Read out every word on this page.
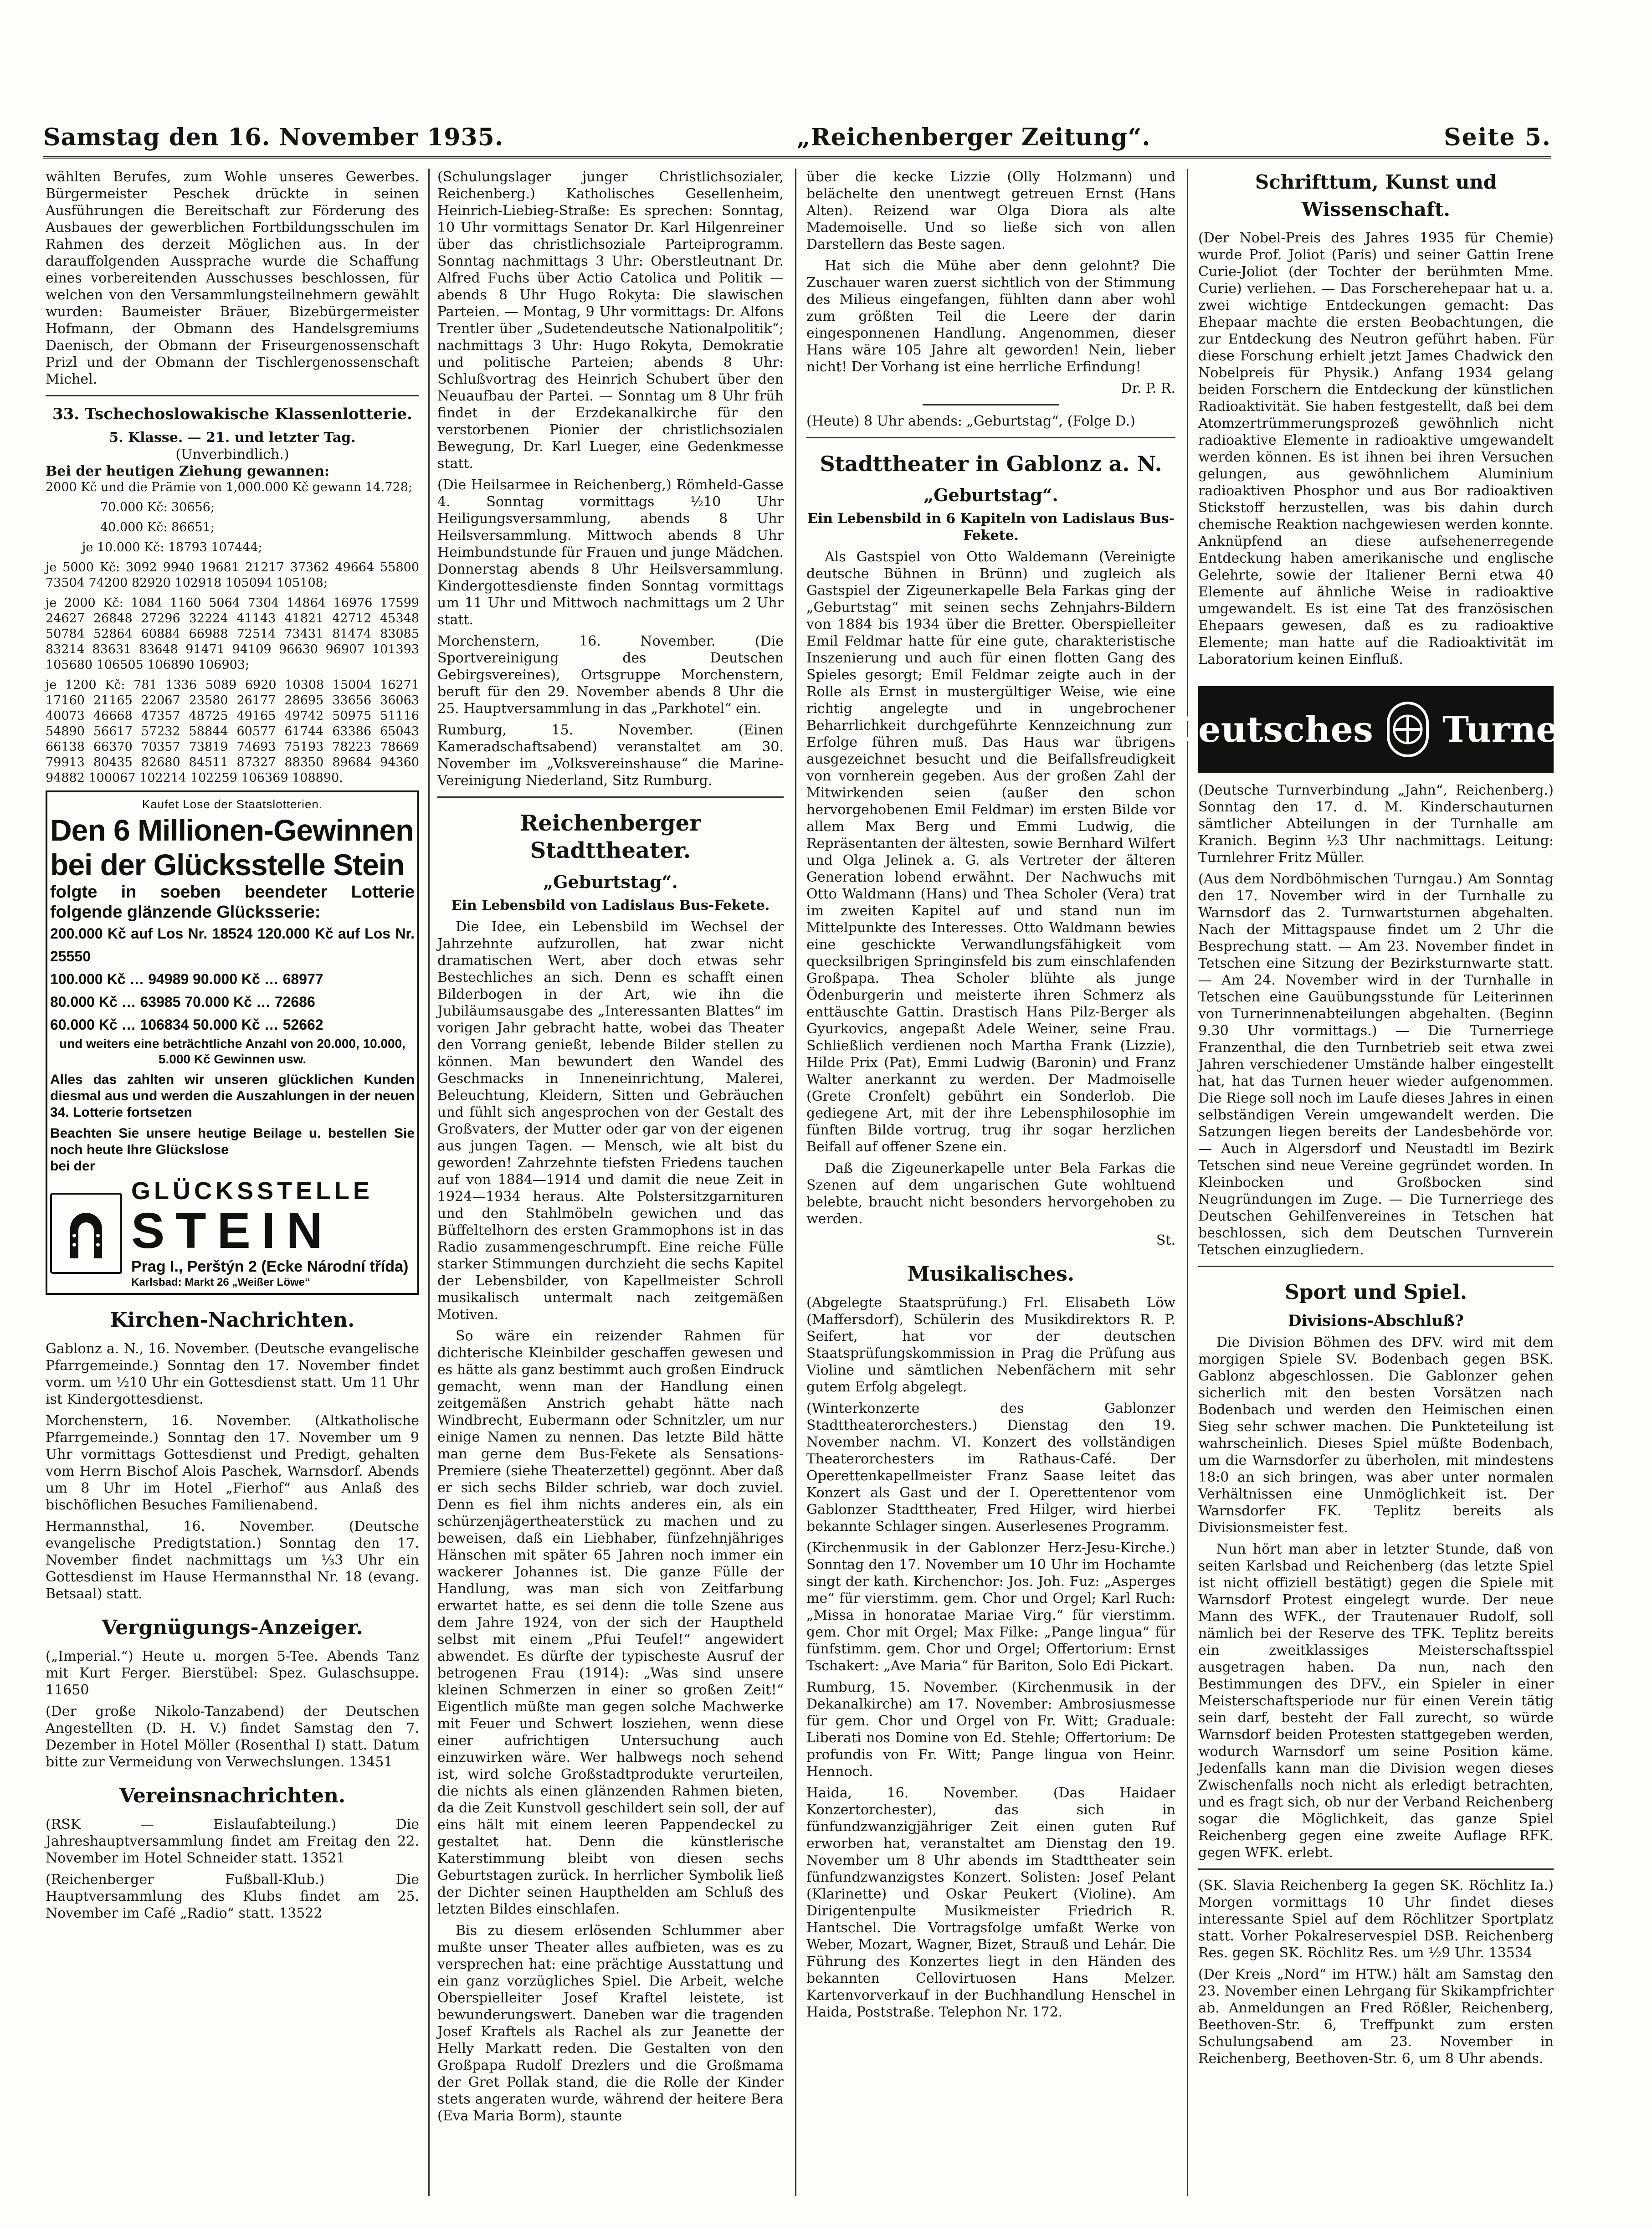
Samstag den 16. November 1935.	„Reichenberger Zeitung“.	Seite 5.

wählten Berufes, zum Wohle unseres Gewerbes. Bürgermeister Peschek drückte in seinen Ausführungen die Bereitschaft zur Förderung des Ausbaues der gewerblichen Fortbildungsschulen im Rahmen des derzeit Möglichen aus. In der darauffolgenden Aussprache wurde die Schaffung eines vorbereitenden Ausschusses beschlossen, für welchen von den Versammlungsteilnehmern gewählt wurden: Baumeister Bräuer, Bizebürgermeister Hofmann, der Obmann des Handelsgremiums Daenisch, der Obmann der Friseurgenossenschaft Prizl und der Obmann der Tischlergenossenschaft Michel.

33. Tschechoslowakische Klassenlotterie.
5. Klasse. — 21. und letzter Tag.
(Unverbindlich.)
Bei der heutigen Ziehung gewannen:

2000 Kč und die Prämie von 1,000.000 Kč gewann 14.728;

70.000 Kč: 30656;

40.000 Kč: 86651;

je 10.000 Kč: 18793 107444;

je 5000 Kč: 3092 9940 19681 21217 37362 49664 55800 73504 74200 82920 102918 105094 105108;

je 2000 Kč: 1084 1160 5064 7304 14864 16976 17599 24627 26848 27296 32224 41143 41821 42712 45348 50784 52864 60884 66988 72514 73431 81474 83085 83214 83631 83648 91471 94109 96630 96907 101393 105680 106505 106890 106903;

je 1200 Kč: 781 1336 5089 6920 10308 15004 16271 17160 21165 22067 23580 26177 28695 33656 36063 40073 46668 47357 48725 49165 49742 50975 51116 54890 56617 57232 58844 60577 61744 63386 65043 66138 66370 70357 73819 74693 75193 78223 78669 79913 80435 82680 84511 87327 88350 89684 94360 94882 100067 102214 102259 106369 108890.

Kaufet Lose der Staatslotterien.
Den 6 Millionen-Gewinnen
bei der Glücksstelle Stein
folgte in soeben beendeter Lotterie folgende glänzende Glücksserie:
200.000 Kč auf Los Nr. 18524 120.000 Kč auf Los Nr. 25550
100.000 Kč … 94989 90.000 Kč … 68977
80.000 Kč … 63985 70.000 Kč … 72686
60.000 Kč … 106834 50.000 Kč … 52662
und weiters eine beträchtliche Anzahl von 20.000, 10.000, 5.000 Kč Gewinnen usw.
Alles das zahlten wir unseren glücklichen Kunden diesmal aus und werden die Auszahlungen in der neuen 34. Lotterie fortsetzen
Beachten Sie unsere heutige Beilage u. bestellen Sie noch heute Ihre Glückslose
bei der
GLÜCKSSTELLE
STEIN
Prag I., Perštýn 2 (Ecke Národní třída)
Karlsbad: Markt 26 „Weißer Löwe“
Kirchen-Nachrichten.

Gablonz a. N., 16. November. (Deutsche evangelische Pfarrgemeinde.) Sonntag den 17. November findet vorm. um ½10 Uhr ein Gottesdienst statt. Um 11 Uhr ist Kindergottesdienst.

Morchenstern, 16. November. (Altkatholische Pfarrgemeinde.) Sonntag den 17. November um 9 Uhr vormittags Gottesdienst und Predigt, gehalten vom Herrn Bischof Alois Paschek, Warnsdorf. Abends um 8 Uhr im Hotel „Fierhof“ aus Anlaß des bischöflichen Besuches Familienabend.

Hermannsthal, 16. November. (Deutsche evangelische Predigtstation.) Sonntag den 17. November findet nachmittags um ⅓3 Uhr ein Gottesdienst im Hause Hermannsthal Nr. 18 (evang. Betsaal) statt.

Vergnügungs-Anzeiger.

(„Imperial.“) Heute u. morgen 5-Tee. Abends Tanz mit Kurt Ferger. Bierstübel: Spez. Gulaschsuppe. 11650

(Der große Nikolo-Tanzabend) der Deutschen Angestellten (D. H. V.) findet Samstag den 7. Dezember in Hotel Möller (Rosenthal I) statt. Datum bitte zur Vermeidung von Verwechslungen. 13451

Vereinsnachrichten.

(RSK — Eislaufabteilung.) Die Jahreshauptversammlung findet am Freitag den 22. November im Hotel Schneider statt. 13521

(Reichenberger Fußball-Klub.) Die Hauptversammlung des Klubs findet am 25. November im Café „Radio“ statt. 13522

(Schulungslager junger Christlichsozialer, Reichenberg.) Katholisches Gesellenheim, Heinrich-Liebieg-Straße: Es sprechen: Sonntag, 10 Uhr vormittags Senator Dr. Karl Hilgenreiner über das christlichsoziale Parteiprogramm. Sonntag nachmittags 3 Uhr: Oberstleutnant Dr. Alfred Fuchs über Actio Catolica und Politik — abends 8 Uhr Hugo Rokyta: Die slawischen Parteien. — Montag, 9 Uhr vormittags: Dr. Alfons Trentler über „Sudetendeutsche Nationalpolitik“; nachmittags 3 Uhr: Hugo Rokyta, Demokratie und politische Parteien; abends 8 Uhr: Schlußvortrag des Heinrich Schubert über den Neuaufbau der Partei. — Sonntag um 8 Uhr früh findet in der Erzdekanalkirche für den verstorbenen Pionier der christlichsozialen Bewegung, Dr. Karl Lueger, eine Gedenkmesse statt.

(Die Heilsarmee in Reichenberg,) Römheld-Gasse 4. Sonntag vormittags ½10 Uhr Heiligungsversammlung, abends 8 Uhr Heilsversammlung. Mittwoch abends 8 Uhr Heimbundstunde für Frauen und junge Mädchen. Donnerstag abends 8 Uhr Heilsversammlung. Kindergottesdienste finden Sonntag vormittags um 11 Uhr und Mittwoch nachmittags um 2 Uhr statt.

Morchenstern, 16. November. (Die Sportvereinigung des Deutschen Gebirgsvereines), Ortsgruppe Morchenstern, beruft für den 29. November abends 8 Uhr die 25. Hauptversammlung in das „Parkhotel“ ein.

Rumburg, 15. November. (Einen Kameradschaftsabend) veranstaltet am 30. November im „Volksvereinshause“ die Marine-Vereinigung Niederland, Sitz Rumburg.

Reichenberger Stadttheater.
„Geburtstag“.
Ein Lebensbild von Ladislaus Bus-Fekete.

Die Idee, ein Lebensbild im Wechsel der Jahrzehnte aufzurollen, hat zwar nicht dramatischen Wert, aber doch etwas sehr Bestechliches an sich. Denn es schafft einen Bilderbogen in der Art, wie ihn die Jubiläumsausgabe des „Interessanten Blattes“ im vorigen Jahr gebracht hatte, wobei das Theater den Vorrang genießt, lebende Bilder stellen zu können. Man bewundert den Wandel des Geschmacks in Inneneinrichtung, Malerei, Beleuchtung, Kleidern, Sitten und Gebräuchen und fühlt sich angesprochen von der Gestalt des Großvaters, der Mutter oder gar von der eigenen aus jungen Tagen. — Mensch, wie alt bist du geworden! Zahrzehnte tiefsten Friedens tauchen auf von 1884—1914 und damit die neue Zeit in 1924—1934 heraus. Alte Polstersitzgarnituren und den Stahlmöbeln gewichen und das Büffeltelhorn des ersten Grammophons ist in das Radio zusammengeschrumpft. Eine reiche Fülle starker Stimmungen durchzieht die sechs Kapitel der Lebensbilder, von Kapellmeister Schroll musikalisch untermalt nach zeitgemäßen Motiven.

So wäre ein reizender Rahmen für dichterische Kleinbilder geschaffen gewesen und es hätte als ganz bestimmt auch großen Eindruck gemacht, wenn man der Handlung einen zeitgemäßen Anstrich gehabt hätte nach Windbrecht, Eubermann oder Schnitzler, um nur einige Namen zu nennen. Das letzte Bild hätte man gerne dem Bus-Fekete als Sensations-Premiere (siehe Theaterzettel) gegönnt. Aber daß er sich sechs Bilder schrieb, war doch zuviel. Denn es fiel ihm nichts anderes ein, als ein schürzenjägertheaterstück zu machen und zu beweisen, daß ein Liebhaber, fünfzehnjähriges Hänschen mit später 65 Jahren noch immer ein wackerer Johannes ist. Die ganze Fülle der Handlung, was man sich von Zeitfarbung erwartet hatte, es sei denn die tolle Szene aus dem Jahre 1924, von der sich der Hauptheld selbst mit einem „Pfui Teufel!“ angewidert abwendet. Es dürfte der typischeste Ausruf der betrogenen Frau (1914): „Was sind unsere kleinen Schmerzen in einer so großen Zeit!“ Eigentlich müßte man gegen solche Machwerke mit Feuer und Schwert losziehen, wenn diese einer aufrichtigen Untersuchung auch einzuwirken wäre. Wer halbwegs noch sehend ist, wird solche Großstadtprodukte verurteilen, die nichts als einen glänzenden Rahmen bieten, da die Zeit Kunstvoll geschildert sein soll, der auf eins hält mit einem leeren Pappendeckel zu gestaltet hat. Denn die künstlerische Katerstimmung bleibt von diesen sechs Geburtstagen zurück. In herrlicher Symbolik ließ der Dichter seinen Haupthelden am Schluß des letzten Bildes einschlafen.

Bis zu diesem erlösenden Schlummer aber mußte unser Theater alles aufbieten, was es zu versprechen hat: eine prächtige Ausstattung und ein ganz vorzügliches Spiel. Die Arbeit, welche Oberspielleiter Josef Kraftel leistete, ist bewunderungswert. Daneben war die tragenden Josef Kraftels als Rachel als zur Jeanette der Helly Markatt reden. Die Gestalten von den Großpapa Rudolf Drezlers und die Großmama der Gret Pollak stand, die die Rolle der Kinder stets angeraten wurde, während der heitere Bera (Eva Maria Borm), staunte

über die kecke Lizzie (Olly Holzmann) und belächelte den unentwegt getreuen Ernst (Hans Alten). Reizend war Olga Diora als alte Mademoiselle. Und so ließe sich von allen Darstellern das Beste sagen.

Hat sich die Mühe aber denn gelohnt? Die Zuschauer waren zuerst sichtlich von der Stimmung des Milieus eingefangen, fühlten dann aber wohl zum größten Teil die Leere der darin eingesponnenen Handlung. Angenommen, dieser Hans wäre 105 Jahre alt geworden! Nein, lieber nicht! Der Vorhang ist eine herrliche Erfindung!

Dr. P. R.

(Heute) 8 Uhr abends: „Geburtstag“, (Folge D.)

Stadttheater in Gablonz a. N.
„Geburtstag“.
Ein Lebensbild in 6 Kapiteln von Ladislaus Bus-Fekete.

Als Gastspiel von Otto Waldemann (Vereinigte deutsche Bühnen in Brünn) und zugleich als Gastspiel der Zigeunerkapelle Bela Farkas ging der „Geburtstag“ mit seinen sechs Zehnjahrs-Bildern von 1884 bis 1934 über die Bretter. Oberspielleiter Emil Feldmar hatte für eine gute, charakteristische Inszenierung und auch für einen flotten Gang des Spieles gesorgt; Emil Feldmar zeigte auch in der Rolle als Ernst in mustergültiger Weise, wie eine richtig angelegte und in ungebrochener Beharrlichkeit durchgeführte Kennzeichnung zum Erfolge führen muß. Das Haus war übrigens ausgezeichnet besucht und die Beifallsfreudigkeit von vornherein gegeben. Aus der großen Zahl der Mitwirkenden seien (außer den schon hervorgehobenen Emil Feldmar) im ersten Bilde vor allem Max Berg und Emmi Ludwig, die Repräsentanten der ältesten, sowie Bernhard Wilfert und Olga Jelinek a. G. als Vertreter der älteren Generation lobend erwähnt. Der Nachwuchs mit Otto Waldmann (Hans) und Thea Scholer (Vera) trat im zweiten Kapitel auf und stand nun im Mittelpunkte des Interesses. Otto Waldmann bewies eine geschickte Verwandlungsfähigkeit vom quecksilbrigen Springinsfeld bis zum einschlafenden Großpapa. Thea Scholer blühte als junge Ödenburgerin und meisterte ihren Schmerz als enttäuschte Gattin. Drastisch Hans Pilz-Berger als Gyurkovics, angepaßt Adele Weiner, seine Frau. Schließlich verdienen noch Martha Frank (Lizzie), Hilde Prix (Pat), Emmi Ludwig (Baronin) und Franz Walter anerkannt zu werden. Der Madmoiselle (Grete Cronfelt) gebührt ein Sonderlob. Die gediegene Art, mit der ihre Lebensphilosophie im fünften Bilde vortrug, trug ihr sogar herzlichen Beifall auf offener Szene ein.

Daß die Zigeunerkapelle unter Bela Farkas die Szenen auf dem ungarischen Gute wohltuend belebte, braucht nicht besonders hervorgehoben zu werden.

St.

Musikalisches.

(Abgelegte Staatsprüfung.) Frl. Elisabeth Löw (Maffersdorf), Schülerin des Musikdirektors R. P. Seifert, hat vor der deutschen Staatsprüfungskommission in Prag die Prüfung aus Violine und sämtlichen Nebenfächern mit sehr gutem Erfolg abgelegt.

(Winterkonzerte des Gablonzer Stadttheaterorchesters.) Dienstag den 19. November nachm. VI. Konzert des vollständigen Theaterorchesters im Rathaus-Café. Der Operettenkapellmeister Franz Saase leitet das Konzert als Gast und der I. Operettentenor vom Gablonzer Stadttheater, Fred Hilger, wird hierbei bekannte Schlager singen. Auserlesenes Programm.

(Kirchenmusik in der Gablonzer Herz-Jesu-Kirche.) Sonntag den 17. November um 10 Uhr im Hochamte singt der kath. Kirchenchor: Jos. Joh. Fuz: „Asperges me“ für vierstimm. gem. Chor und Orgel; Karl Ruch: „Missa in honoratae Mariae Virg.“ für vierstimm. gem. Chor mit Orgel; Max Filke: „Pange lingua“ für fünfstimm. gem. Chor und Orgel; Offertorium: Ernst Tschakert: „Ave Maria“ für Bariton, Solo Edi Pickart.

Rumburg, 15. November. (Kirchenmusik in der Dekanalkirche) am 17. November: Ambrosiusmesse für gem. Chor und Orgel von Fr. Witt; Graduale: Liberati nos Domine von Ed. Stehle; Offertorium: De profundis von Fr. Witt; Pange lingua von Heinr. Hennoch.

Haida, 16. November. (Das Haidaer Konzertorchester), das sich in fünfundzwanzigjähriger Zeit einen guten Ruf erworben hat, veranstaltet am Dienstag den 19. November um 8 Uhr abends im Stadttheater sein fünfundzwanzigstes Konzert. Solisten: Josef Pelant (Klarinette) und Oskar Peukert (Violine). Am Dirigentenpulte Musikmeister Friedrich R. Hantschel. Die Vortragsfolge umfaßt Werke von Weber, Mozart, Wagner, Bizet, Strauß und Lehár. Die Führung des Konzertes liegt in den Händen des bekannten Cellovirtuosen Hans Melzer. Kartenvorverkauf in der Buchhandlung Henschel in Haida, Poststraße. Telephon Nr. 172.

Schrifttum, Kunst und Wissenschaft.

(Der Nobel-Preis des Jahres 1935 für Chemie) wurde Prof. Joliot (Paris) und seiner Gattin Irene Curie-Joliot (der Tochter der berühmten Mme. Curie) verliehen. — Das Forscherehepaar hat u. a. zwei wichtige Entdeckungen gemacht: Das Ehepaar machte die ersten Beobachtungen, die zur Entdeckung des Neutron geführt haben. Für diese Forschung erhielt jetzt James Chadwick den Nobelpreis für Physik.) Anfang 1934 gelang beiden Forschern die Entdeckung der künstlichen Radioaktivität. Sie haben festgestellt, daß bei dem Atomzertrümmerungsprozeß gewöhnlich nicht radioaktive Elemente in radioaktive umgewandelt werden können. Es ist ihnen bei ihren Versuchen gelungen, aus gewöhnlichem Aluminium radioaktiven Phosphor und aus Bor radioaktiven Stickstoff herzustellen, was bis dahin durch chemische Reaktion nachgewiesen werden konnte. Anknüpfend an diese aufsehenerregende Entdeckung haben amerikanische und englische Gelehrte, sowie der Italiener Berni etwa 40 Elemente auf ähnliche Weise in radioaktive umgewandelt. Es ist eine Tat des französischen Ehepaars gewesen, daß es zu radioaktive Elemente; man hatte auf die Radioaktivität im Laboratorium keinen Einfluß.

Deutsches Turnen

(Deutsche Turnverbindung „Jahn“, Reichenberg.) Sonntag den 17. d. M. Kinderschauturnen sämtlicher Abteilungen in der Turnhalle am Kranich. Beginn ½3 Uhr nachmittags. Leitung: Turnlehrer Fritz Müller.

(Aus dem Nordböhmischen Turngau.) Am Sonntag den 17. November wird in der Turnhalle zu Warnsdorf das 2. Turnwartsturnen abgehalten. Nach der Mittagspause findet um 2 Uhr die Besprechung statt. — Am 23. November findet in Tetschen eine Sitzung der Bezirksturnwarte statt. — Am 24. November wird in der Turnhalle in Tetschen eine Gauübungsstunde für Leiterinnen von Turnerinnenabteilungen abgehalten. (Beginn 9.30 Uhr vormittags.) — Die Turnerriege Franzenthal, die den Turnbetrieb seit etwa zwei Jahren verschiedener Umstände halber eingestellt hat, hat das Turnen heuer wieder aufgenommen. Die Riege soll noch im Laufe dieses Jahres in einen selbständigen Verein umgewandelt werden. Die Satzungen liegen bereits der Landesbehörde vor. — Auch in Algersdorf und Neustadtl im Bezirk Tetschen sind neue Vereine gegründet worden. In Kleinbocken und Großbocken sind Neugründungen im Zuge. — Die Turnerriege des Deutschen Gehilfenvereines in Tetschen hat beschlossen, sich dem Deutschen Turnverein Tetschen einzugliedern.

Sport und Spiel.
Divisions-Abschluß?

Die Division Böhmen des DFV. wird mit dem morgigen Spiele SV. Bodenbach gegen BSK. Gablonz abgeschlossen. Die Gablonzer gehen sicherlich mit den besten Vorsätzen nach Bodenbach und werden den Heimischen einen Sieg sehr schwer machen. Die Punkteteilung ist wahrscheinlich. Dieses Spiel müßte Bodenbach, um die Warnsdorfer zu überholen, mit mindestens 18:0 an sich bringen, was aber unter normalen Verhältnissen eine Unmöglichkeit ist. Der Warnsdorfer FK. Teplitz bereits als Divisionsmeister fest.

Nun hört man aber in letzter Stunde, daß von seiten Karlsbad und Reichenberg (das letzte Spiel ist nicht offiziell bestätigt) gegen die Spiele mit Warnsdorf Protest eingelegt wurde. Der neue Mann des WFK., der Trautenauer Rudolf, soll nämlich bei der Reserve des TFK. Teplitz bereits ein zweitklassiges Meisterschaftsspiel ausgetragen haben. Da nun, nach den Bestimmungen des DFV., ein Spieler in einer Meisterschaftsperiode nur für einen Verein tätig sein darf, besteht der Fall zurecht, so würde Warnsdorf beiden Protesten stattgegeben werden, wodurch Warnsdorf um seine Position käme. Jedenfalls kann man die Division wegen dieses Zwischenfalls noch nicht als erledigt betrachten, und es fragt sich, ob nur der Verband Reichenberg sogar die Möglichkeit, das ganze Spiel Reichenberg gegen eine zweite Auflage RFK. gegen WFK. erlebt.

(SK. Slavia Reichenberg Ia gegen SK. Röchlitz Ia.) Morgen vormittags 10 Uhr findet dieses interessante Spiel auf dem Röchlitzer Sportplatz statt. Vorher Pokalreservespiel DSB. Reichenberg Res. gegen SK. Röchlitz Res. um ½9 Uhr. 13534

(Der Kreis „Nord“ im HTW.) hält am Samstag den 23. November einen Lehrgang für Skikampfrichter ab. Anmeldungen an Fred Rößler, Reichenberg, Beethoven-Str. 6, Treffpunkt zum ersten Schulungsabend am 23. November in Reichenberg, Beethoven-Str. 6, um 8 Uhr abends.
